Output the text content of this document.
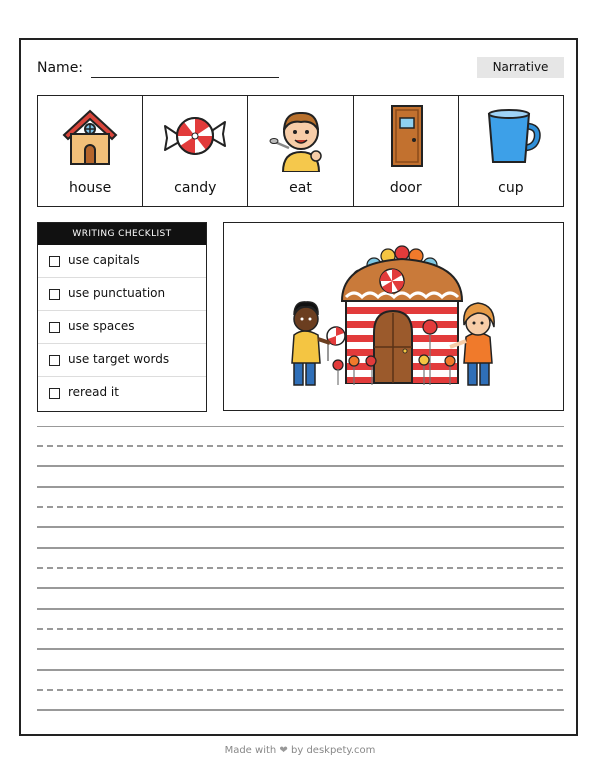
Name:	Narrative
house	candy	eat	door	cup
WRITING CHECKLIST
use capitals
use punctuation
use spaces
use target words
reread it
Made with ❤ by deskpety.com
